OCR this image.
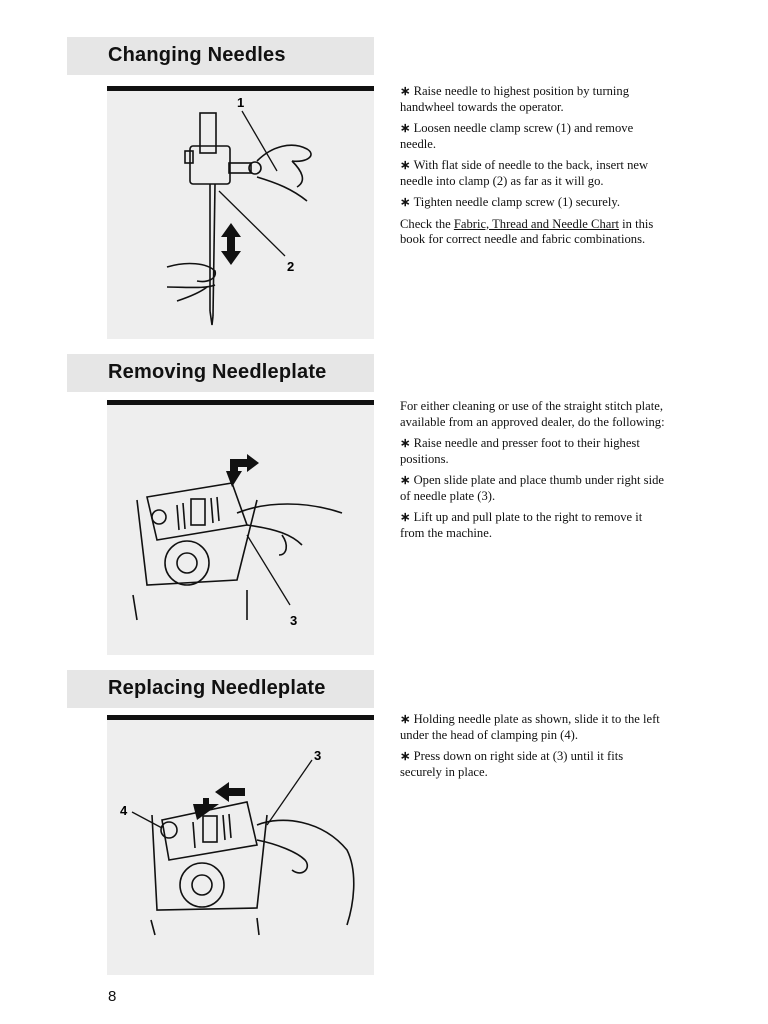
Changing Needles
1
2

∗ Raise needle to highest position by turning handwheel towards the operator.

∗ Loosen needle clamp screw (1) and remove needle.

∗ With flat side of needle to the back, insert new needle into clamp (2) as far as it will go.

∗ Tighten needle clamp screw (1) securely.

Check the Fabric, Thread and Needle Chart in this book for correct needle and fabric combinations.

Removing Needleplate
3

For either cleaning or use of the straight stitch plate, available from an approved dealer, do the following:

∗ Raise needle and presser foot to their highest positions.

∗ Open slide plate and place thumb under right side of needle plate (3).

∗ Lift up and pull plate to the right to remove it from the machine.

Replacing Needleplate
3
4

∗ Holding needle plate as shown, slide it to the left under the head of clamping pin (4).

∗ Press down on right side at (3) until it fits securely in place.

8
